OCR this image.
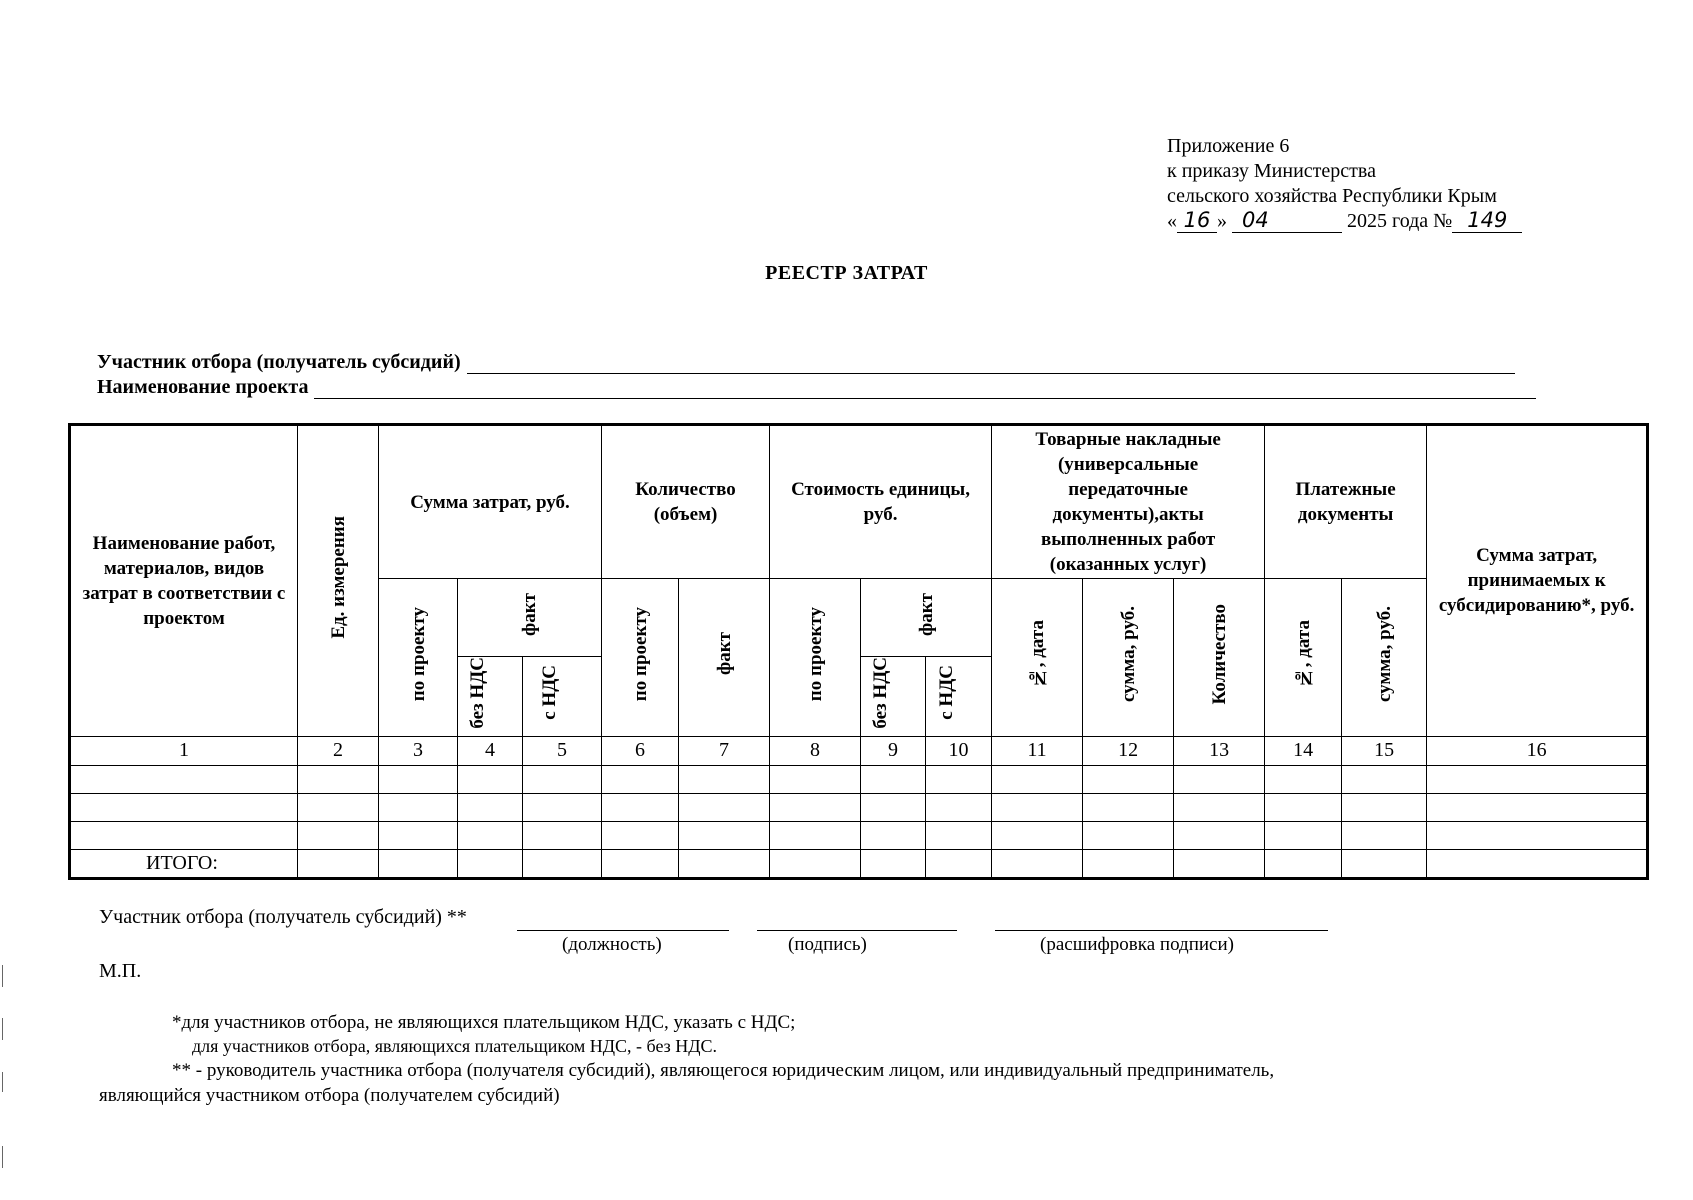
Приложение 6
к приказу Министерства
сельского хозяйства Республики Крым
« 16 » 04	2025 года № 149
РЕЕСТР ЗАТРАТ
Участник отбора (получатель субсидий)
Наименование проекта
Наименование работ, материалов, видов затрат в соответствии с проектом	Ед. измерения	Сумма затрат, руб.			Количество (объем)		Стоимость единицы, руб.			Товарные накладные (универсальные передаточные документы),акты выполненных работ (оказанных услуг)			Платежные документы		Сумма затрат, принимаемых к субсидированию*, руб.
		по проекту	факт		по проекту	факт	по проекту	факт		№, дата	сумма, руб.	Количество	№, дата	сумма, руб.	
			без НДС	с НДС				без НДС	с НДС						
1	2	3	4	5	6	7	8	9	10	11	12	13	14	15	16

ИТОГО:															
Участник отбора (получатель субсидий) **
(должность)	(подпись)	(расшифровка подписи)
М.П.
*для участников отбора, не являющихся плательщиком НДС, указать с НДС;
для участников отбора, являющихся плательщиком НДС, - без НДС.
** - руководитель участника отбора (получателя субсидий), являющегося юридическим лицом, или индивидуальный предприниматель,
являющийся участником отбора (получателем субсидий)
